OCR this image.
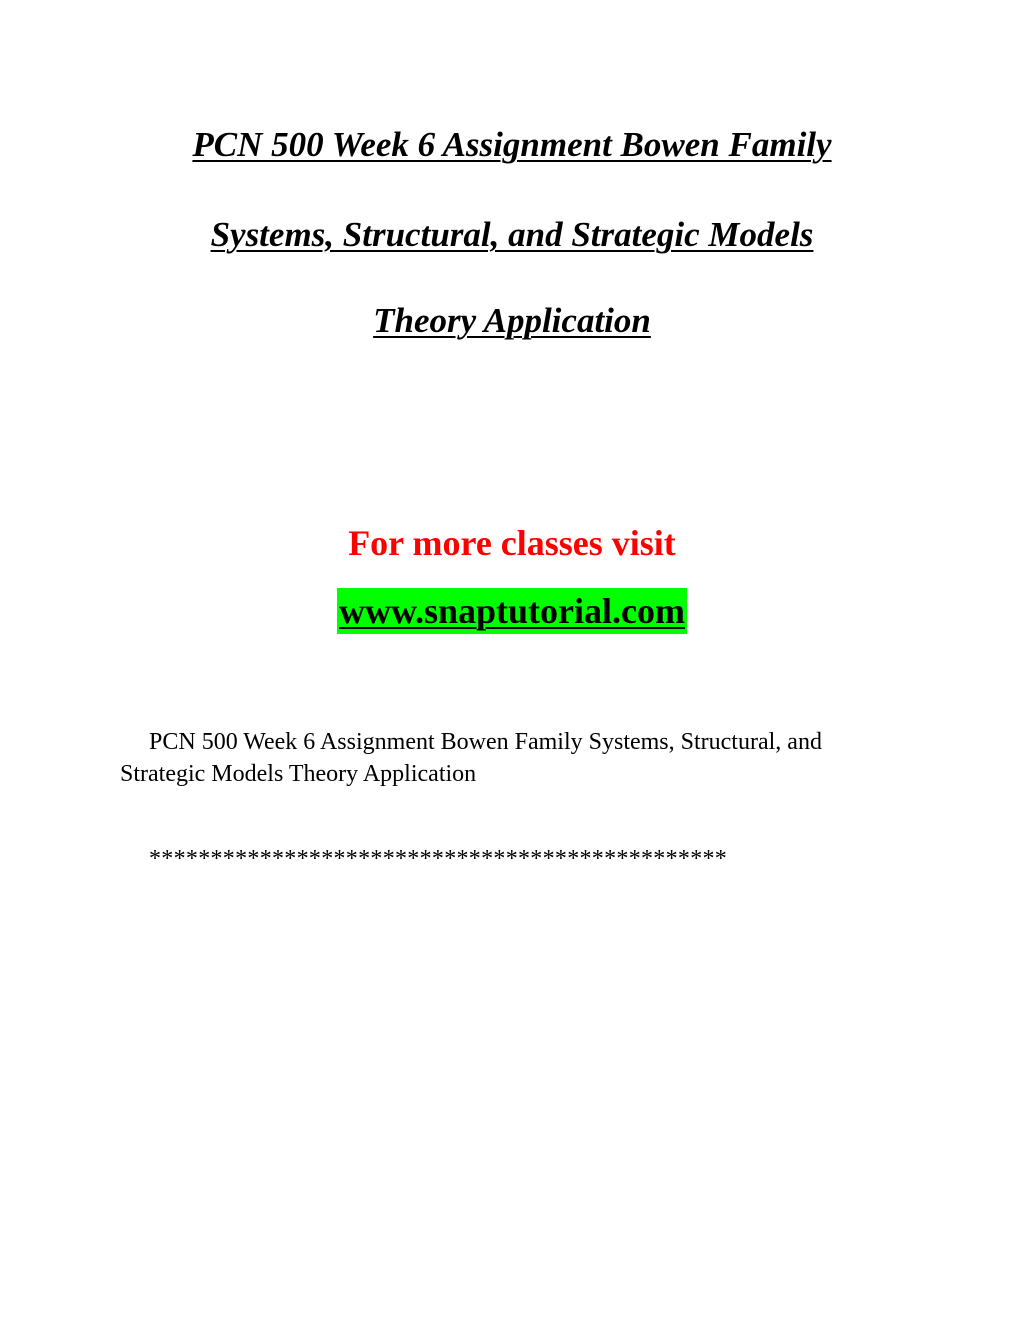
PCN 500 Week 6 Assignment Bowen Family
Systems, Structural, and Strategic Models
Theory Application
For more classes visit
www.snaptutorial.com
PCN 500 Week 6 Assignment Bowen Family Systems, Structural, and Strategic Models Theory Application
***********************************************
